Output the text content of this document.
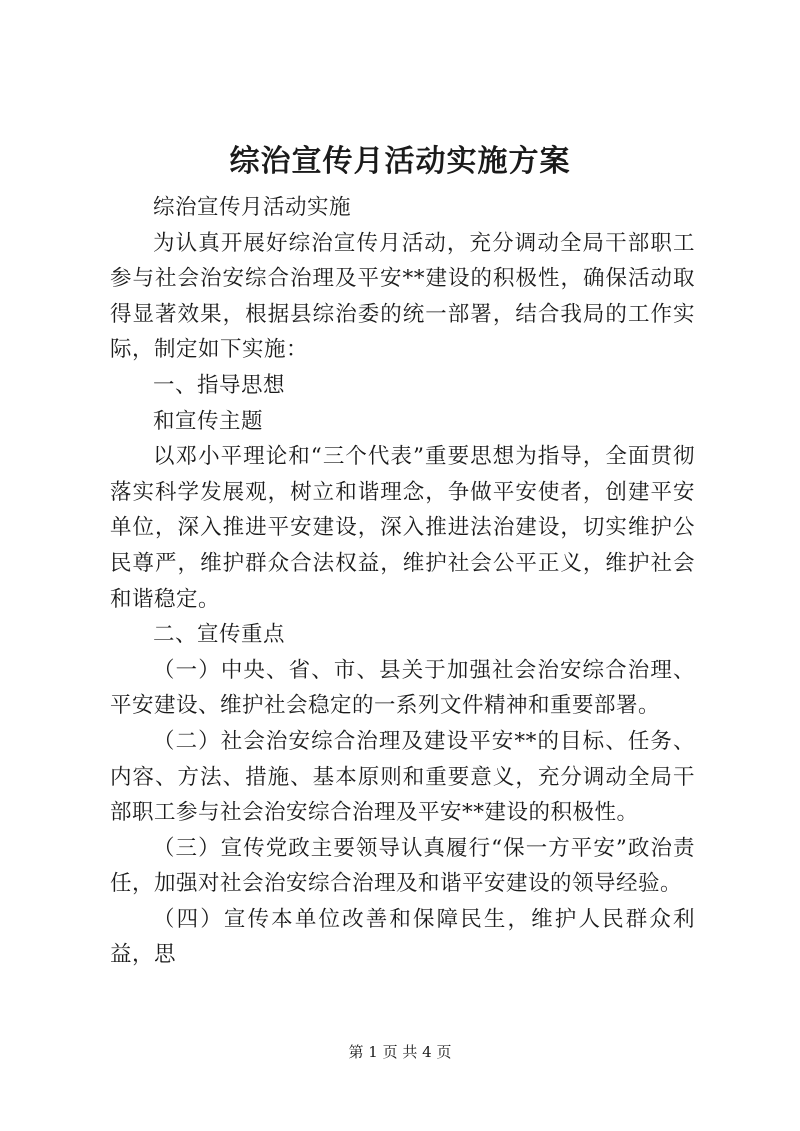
综治宣传月活动实施方案

综治宣传月活动实施

为认真开展好综治宣传月活动，充分调动全局干部职工参与社会治安综合治理及平安**建设的积极性，确保活动取得显著效果，根据县综治委的统一部署，结合我局的工作实际，制定如下实施：

一、指导思想

和宣传主题

以邓小平理论和“三个代表”重要思想为指导，全面贯彻落实科学发展观，树立和谐理念，争做平安使者，创建平安单位，深入推进平安建设，深入推进法治建设，切实维护公民尊严，维护群众合法权益，维护社会公平正义，维护社会和谐稳定。

二、宣传重点

（一）中央、省、市、县关于加强社会治安综合治理、平安建设、维护社会稳定的一系列文件精神和重要部署。

（二）社会治安综合治理及建设平安**的目标、任务、内容、方法、措施、基本原则和重要意义，充分调动全局干部职工参与社会治安综合治理及平安**建设的积极性。

（三）宣传党政主要领导认真履行“保一方平安”政治责任，加强对社会治安综合治理及和谐平安建设的领导经验。

（四）宣传本单位改善和保障民生，维护人民群众利益，思

第 1 页 共 4 页
